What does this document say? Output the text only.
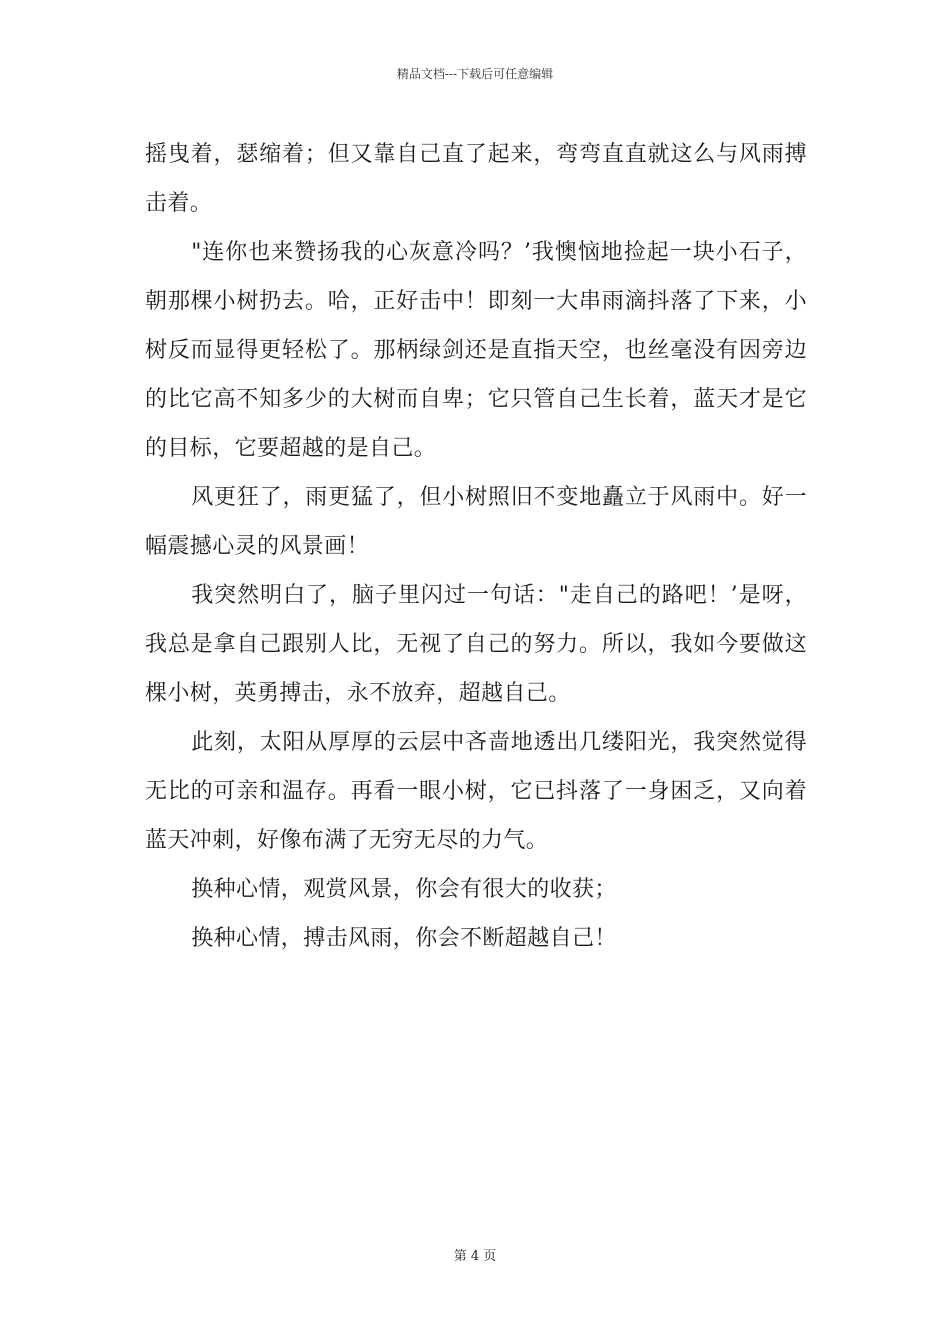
精品文档---下载后可任意编辑

摇曳着，瑟缩着；但又靠自己直了起来，弯弯直直就这么与风雨搏击着。

"连你也来赞扬我的心灰意冷吗？’我懊恼地捡起一块小石子，朝那棵小树扔去。哈，正好击中！即刻一大串雨滴抖落了下来，小树反而显得更轻松了。那柄绿剑还是直指天空，也丝毫没有因旁边的比它高不知多少的大树而自卑；它只管自己生长着，蓝天才是它的目标，它要超越的是自己。

风更狂了，雨更猛了，但小树照旧不变地矗立于风雨中。好一幅震撼心灵的风景画！

我突然明白了，脑子里闪过一句话："走自己的路吧！’是呀，我总是拿自己跟别人比，无视了自己的努力。所以，我如今要做这棵小树，英勇搏击，永不放弃，超越自己。

此刻，太阳从厚厚的云层中吝啬地透出几缕阳光，我突然觉得无比的可亲和温存。再看一眼小树，它已抖落了一身困乏，又向着蓝天冲刺，好像布满了无穷无尽的力气。

换种心情，观赏风景，你会有很大的收获；

换种心情，搏击风雨，你会不断超越自己！

第 4 页
